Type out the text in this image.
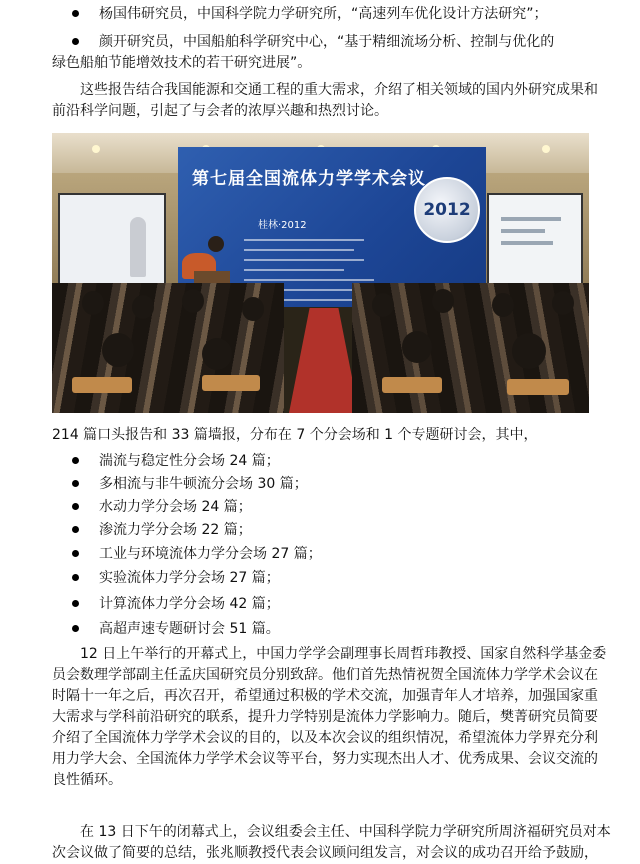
杨国伟研究员，中国科学院力学研究所，“高速列车优化设计方法研究”；
颜开研究员，中国船舶科学研究中心，“基于精细流场分析、控制与优化的
绿色船舶节能增效技术的若干研究进展”。
这些报告结合我国能源和交通工程的重大需求，介绍了相关领域的国内外研究成果和
前沿科学问题，引起了与会者的浓厚兴趣和热烈讨论。
第七届全国流体力学学术会议
桂林·2012
2012
214 篇口头报告和 33 篇墙报，分布在 7 个分会场和 1 个专题研讨会，其中，
湍流与稳定性分会场 24 篇；
多相流与非牛顿流分会场 30 篇；
水动力学分会场 24 篇；
渗流力学分会场 22 篇；
工业与环境流体力学分会场 27 篇；
实验流体力学分会场 27 篇；
计算流体力学分会场 42 篇；
高超声速专题研讨会 51 篇。
12 日上午举行的开幕式上，中国力学学会副理事长周哲玮教授、国家自然科学基金委
员会数理学部副主任孟庆国研究员分别致辞。他们首先热情祝贺全国流体力学学术会议在
时隔十一年之后，再次召开，希望通过积极的学术交流，加强青年人才培养，加强国家重
大需求与学科前沿研究的联系，提升力学特别是流体力学影响力。随后，樊菁研究员简要
介绍了全国流体力学学术会议的目的，以及本次会议的组织情况，希望流体力学界充分利
用力学大会、全国流体力学学术会议等平台，努力实现杰出人才、优秀成果、会议交流的
良性循环。
在 13 日下午的闭幕式上，会议组委会主任、中国科学院力学研究所周济福研究员对本
次会议做了简要的总结，张兆顺教授代表会议顾问组发言，对会议的成功召开给予鼓励，
